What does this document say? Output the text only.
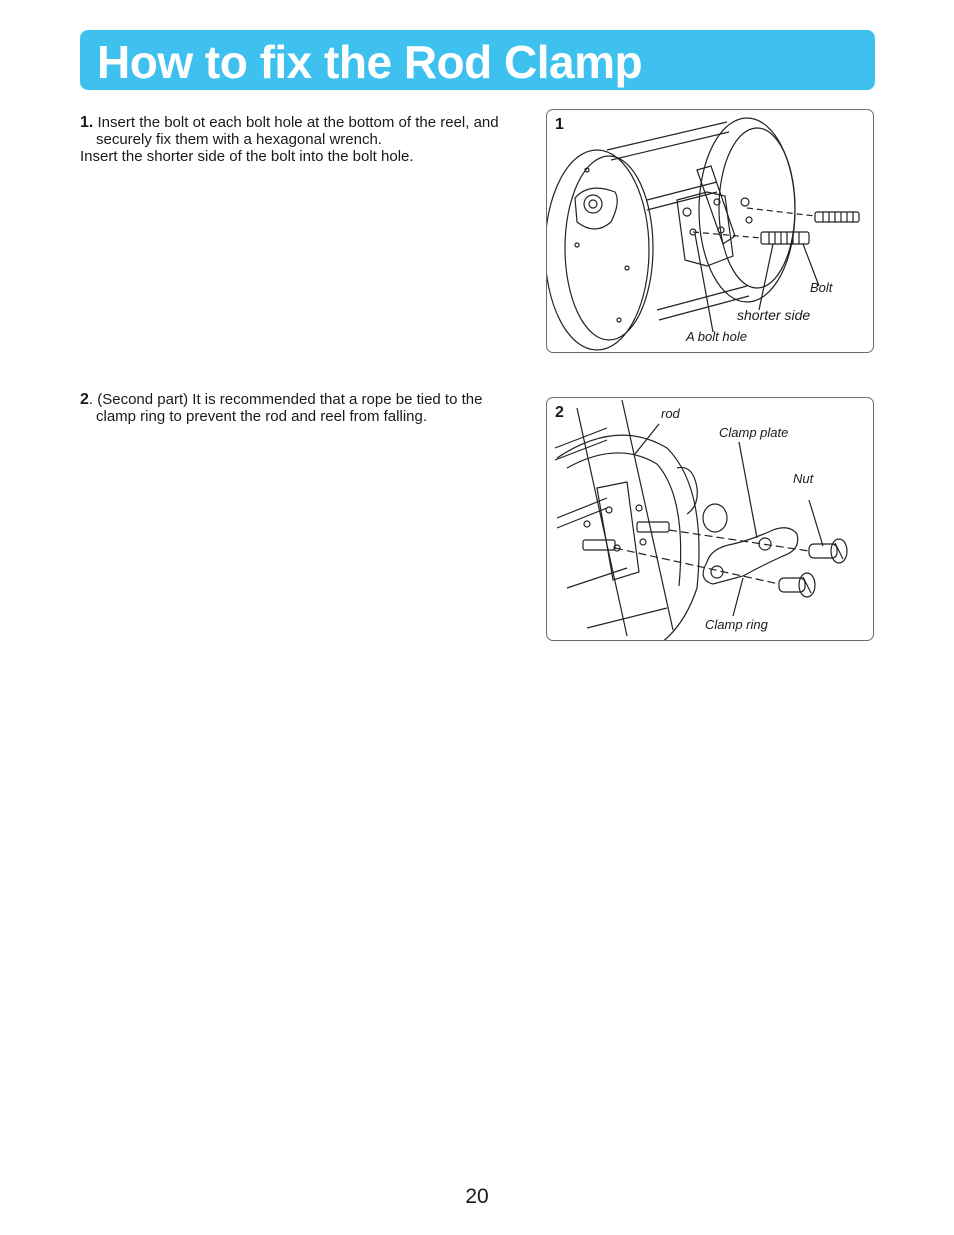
How to fix the Rod Clamp
1. Insert the bolt ot each bolt hole at the bottom of the reel, and
securely fix them with a hexagonal wrench.
Insert the shorter side of the bolt into the bolt hole.
2. (Second part) It is recommended that a rope be tied to the
clamp ring to prevent the rod and reel from falling.
1
Bolt
shorter side
A bolt hole
2	rod
Clamp plate
Nut
Clamp ring
20
